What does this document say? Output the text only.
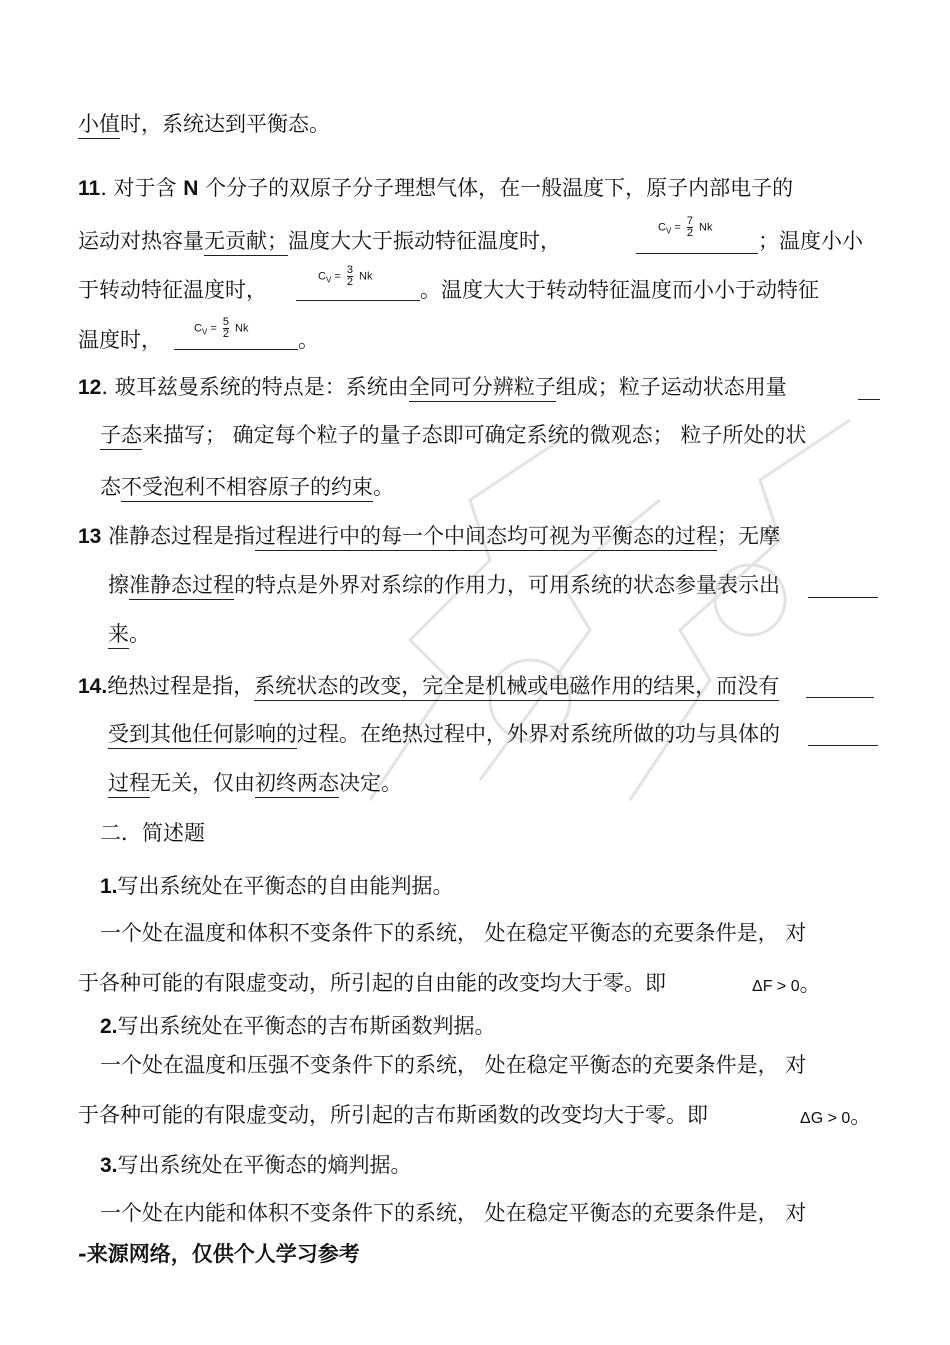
小值时，系统达到平衡态。
11. 对于含 N 个分子的双原子分子理想气体，在一般温度下，原子内部电子的
运动对热容量无贡献；温度大大于振动特征温度时，
$C_V = \frac{7}{2}$ Nk
；温度小小
于转动特征温度时，
$C_V = \frac{3}{2}$ Nk
。温度大大于转动特征温度而小小于动特征
温度时，	$C_V = \frac{5}{2}$ Nk 。
12. 玻耳兹曼系统的特点是：系统由全同可分辨粒子组成；粒子运动状态用量
子态来描写； 确定每个粒子的量子态即可确定系统的微观态； 粒子所处的状
态不受泡利不相容原子的约束。
13 准静态过程是指过程进行中的每一个中间态均可视为平衡态的过程；无摩
擦准静态过程的特点是外界对系综的作用力，可用系统的状态参量表示出
来。
14.绝热过程是指，系统状态的改变，完全是机械或电磁作用的结果，而没有
受到其他任何影响的过程。在绝热过程中，外界对系统所做的功与具体的
过程无关，仅由初终两态决定。
二．简述题
1.写出系统处在平衡态的自由能判据。
一个处在温度和体积不变条件下的系统， 处在稳定平衡态的充要条件是， 对
于各种可能的有限虚变动，所引起的自由能的改变均大于零。即	ΔF > 0。
2.写出系统处在平衡态的吉布斯函数判据。
一个处在温度和压强不变条件下的系统， 处在稳定平衡态的充要条件是， 对
于各种可能的有限虚变动，所引起的吉布斯函数的改变均大于零。即	ΔG > 0。
3.写出系统处在平衡态的熵判据。
一个处在内能和体积不变条件下的系统， 处在稳定平衡态的充要条件是， 对
-来源网络，仅供个人学习参考
